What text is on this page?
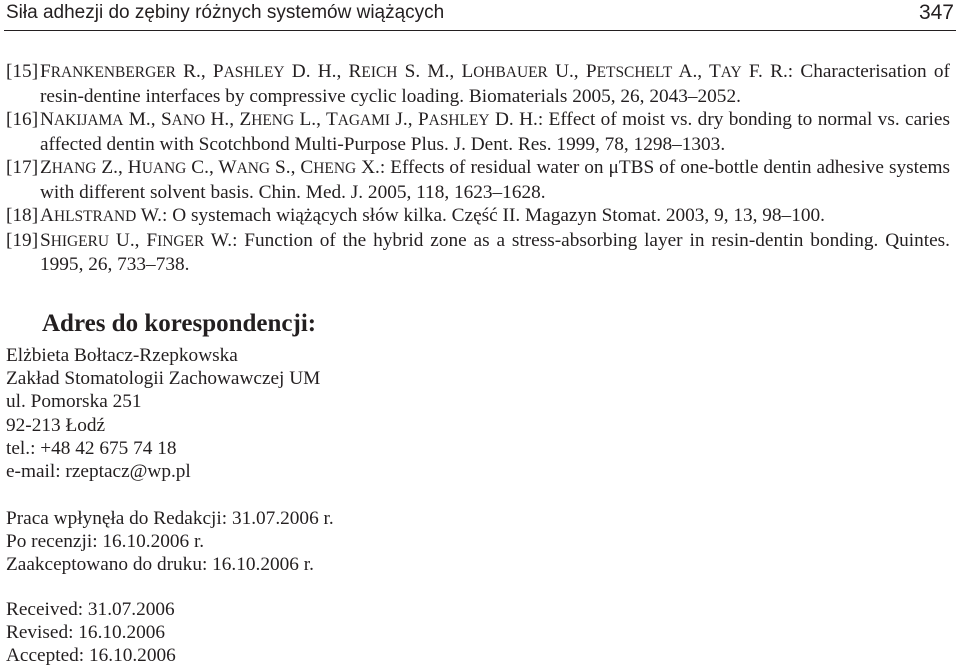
Siła adhezji do zębiny różnych systemów wiążących	347
[15] FRANKENBERGER R., PASHLEY D. H., REICH S. M., LOHBAUER U., PETSCHELT A., TAY F. R.: Characterisation of resin-dentine interfaces by compressive cyclic loading. Biomaterials 2005, 26, 2043–2052.
[16] NAKIJAMA M., SANO H., ZHENG L., TAGAMI J., PASHLEY D. H.: Effect of moist vs. dry bonding to normal vs. caries affected dentin with Scotchbond Multi-Purpose Plus. J. Dent. Res. 1999, 78, 1298–1303.
[17] ZHANG Z., HUANG C., WANG S., CHENG X.: Effects of residual water on μTBS of one-bottle dentin adhesive systems with different solvent basis. Chin. Med. J. 2005, 118, 1623–1628.
[18] AHLSTRAND W.: O systemach wiążących słów kilka. Część II. Magazyn Stomat. 2003, 9, 13, 98–100.
[19] SHIGERU U., FINGER W.: Function of the hybrid zone as a stress-absorbing layer in resin-dentin bonding. Quintes. 1995, 26, 733–738.
Adres do korespondencji:
Elżbieta Bołtacz-Rzepkowska
Zakład Stomatologii Zachowawczej UM
ul. Pomorska 251
92-213 Łodź
tel.: +48 42 675 74 18
e-mail: rzeptacz@wp.pl
Praca wpłynęła do Redakcji: 31.07.2006 r.
Po recenzji: 16.10.2006 r.
Zaakceptowano do druku: 16.10.2006 r.
Received: 31.07.2006
Revised: 16.10.2006
Accepted: 16.10.2006
